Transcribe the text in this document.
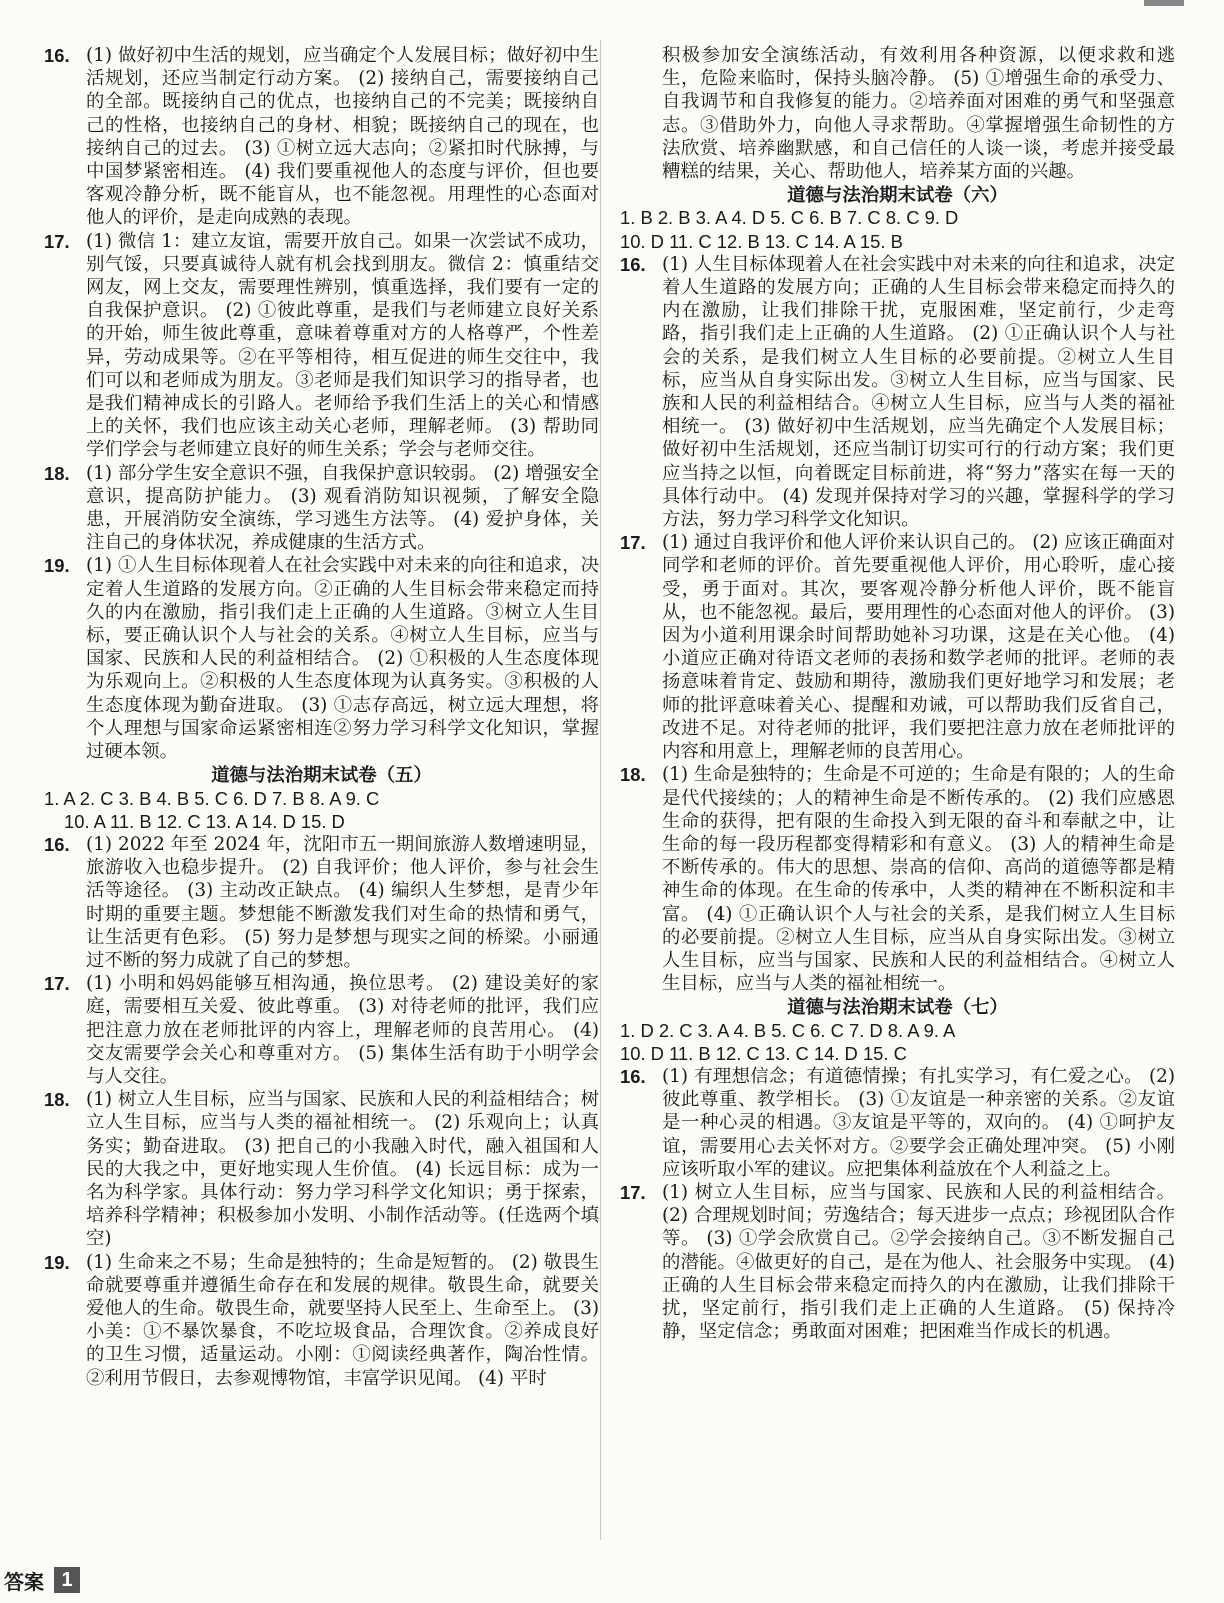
16. (1) 做好初中生活的规划，应当确定个人发展目标；做好初中生活规划，还应当制定行动方案。 (2) 接纳自己，需要接纳自己的全部。既接纳自己的优点，也接纳自己的不完美；既接纳自己的性格，也接纳自己的身材、相貌；既接纳自己的现在，也接纳自己的过去。 (3) ①树立远大志向；②紧扣时代脉搏，与中国梦紧密相连。 (4) 我们要重视他人的态度与评价，但也要客观冷静分析，既不能盲从，也不能忽视。用理性的心态面对他人的评价，是走向成熟的表现。
17. (1) 微信 1：建立友谊，需要开放自己。如果一次尝试不成功，别气馁，只要真诚待人就有机会找到朋友。微信 2：慎重结交网友，网上交友，需要理性辨别，慎重选择，我们要有一定的自我保护意识。 (2) ①彼此尊重，是我们与老师建立良好关系的开始，师生彼此尊重，意味着尊重对方的人格尊严，个性差异，劳动成果等。②在平等相待，相互促进的师生交往中，我们可以和老师成为朋友。③老师是我们知识学习的指导者，也是我们精神成长的引路人。老师给予我们生活上的关心和情感上的关怀，我们也应该主动关心老师，理解老师。 (3) 帮助同学们学会与老师建立良好的师生关系；学会与老师交往。
18. (1) 部分学生安全意识不强，自我保护意识较弱。 (2) 增强安全意识，提高防护能力。 (3) 观看消防知识视频，了解安全隐患，开展消防安全演练，学习逃生方法等。 (4) 爱护身体，关注自己的身体状况，养成健康的生活方式。
19. (1) ①人生目标体现着人在社会实践中对未来的向往和追求，决定着人生道路的发展方向。②正确的人生目标会带来稳定而持久的内在激励，指引我们走上正确的人生道路。③树立人生目标，要正确认识个人与社会的关系。④树立人生目标，应当与国家、民族和人民的利益相结合。 (2) ①积极的人生态度体现为乐观向上。②积极的人生态度体现为认真务实。③积极的人生态度体现为勤奋进取。 (3) ①志存高远，树立远大理想，将个人理想与国家命运紧密相连②努力学习科学文化知识，掌握过硬本领。
道德与法治期末试卷（五）
1. A 2. C 3. B 4. B 5. C 6. D 7. B 8. A 9. C
10. A 11. B 12. C 13. A 14. D 15. D
16. (1) 2022 年至 2024 年，沈阳市五一期间旅游人数增速明显，旅游收入也稳步提升。 (2) 自我评价；他人评价，参与社会生活等途径。 (3) 主动改正缺点。 (4) 编织人生梦想，是青少年时期的重要主题。梦想能不断激发我们对生命的热情和勇气，让生活更有色彩。 (5) 努力是梦想与现实之间的桥梁。小丽通过不断的努力成就了自己的梦想。
17. (1) 小明和妈妈能够互相沟通，换位思考。 (2) 建设美好的家庭，需要相互关爱、彼此尊重。 (3) 对待老师的批评，我们应把注意力放在老师批评的内容上，理解老师的良苦用心。 (4) 交友需要学会关心和尊重对方。 (5) 集体生活有助于小明学会与人交往。
18. (1) 树立人生目标，应当与国家、民族和人民的利益相结合；树立人生目标，应当与人类的福祉相统一。 (2) 乐观向上；认真务实；勤奋进取。 (3) 把自己的小我融入时代，融入祖国和人民的大我之中，更好地实现人生价值。 (4) 长远目标：成为一名为科学家。具体行动：努力学习科学文化知识；勇于探索，培养科学精神；积极参加小发明、小制作活动等。(任选两个填空)
19. (1) 生命来之不易；生命是独特的；生命是短暂的。 (2) 敬畏生命就要尊重并遵循生命存在和发展的规律。敬畏生命，就要关爱他人的生命。敬畏生命，就要坚持人民至上、生命至上。 (3) 小美：①不暴饮暴食，不吃垃圾食品，合理饮食。②养成良好的卫生习惯，适量运动。小刚：①阅读经典著作，陶冶性情。②利用节假日，去参观博物馆，丰富学识见闻。 (4) 平时
积极参加安全演练活动，有效利用各种资源，以便求救和逃生，危险来临时，保持头脑冷静。 (5) ①增强生命的承受力、自我调节和自我修复的能力。②培养面对困难的勇气和坚强意志。③借助外力，向他人寻求帮助。④掌握增强生命韧性的方法欣赏、培养幽默感，和自己信任的人谈一谈，考虑并接受最糟糕的结果，关心、帮助他人，培养某方面的兴趣。
道德与法治期末试卷（六）
1. B 2. B 3. A 4. D 5. C 6. B 7. C 8. C 9. D
10. D 11. C 12. B 13. C 14. A 15. B
16. (1) 人生目标体现着人在社会实践中对未来的向往和追求，决定着人生道路的发展方向；正确的人生目标会带来稳定而持久的内在激励，让我们排除干扰，克服困难，坚定前行，少走弯路，指引我们走上正确的人生道路。 (2) ①正确认识个人与社会的关系，是我们树立人生目标的必要前提。②树立人生目标，应当从自身实际出发。③树立人生目标，应当与国家、民族和人民的利益相结合。④树立人生目标，应当与人类的福祉相统一。 (3) 做好初中生活规划，应当先确定个人发展目标；做好初中生活规划，还应当制订切实可行的行动方案；我们更应当持之以恒，向着既定目标前进，将“努力”落实在每一天的具体行动中。 (4) 发现并保持对学习的兴趣，掌握科学的学习方法，努力学习科学文化知识。
17. (1) 通过自我评价和他人评价来认识自己的。 (2) 应该正确面对同学和老师的评价。首先要重视他人评价，用心聆听，虚心接受，勇于面对。其次，要客观冷静分析他人评价，既不能盲从，也不能忽视。最后，要用理性的心态面对他人的评价。 (3) 因为小道利用课余时间帮助她补习功课，这是在关心他。 (4) 小道应正确对待语文老师的表扬和数学老师的批评。老师的表扬意味着肯定、鼓励和期待，激励我们更好地学习和发展；老师的批评意味着关心、提醒和劝诫，可以帮助我们反省自己，改进不足。对待老师的批评，我们要把注意力放在老师批评的内容和用意上，理解老师的良苦用心。
18. (1) 生命是独特的；生命是不可逆的；生命是有限的；人的生命是代代接续的；人的精神生命是不断传承的。 (2) 我们应感恩生命的获得，把有限的生命投入到无限的奋斗和奉献之中，让生命的每一段历程都变得精彩和有意义。 (3) 人的精神生命是不断传承的。伟大的思想、崇高的信仰、高尚的道德等都是精神生命的体现。在生命的传承中，人类的精神在不断积淀和丰富。 (4) ①正确认识个人与社会的关系，是我们树立人生目标的必要前提。②树立人生目标，应当从自身实际出发。③树立人生目标，应当与国家、民族和人民的利益相结合。④树立人生目标，应当与人类的福祉相统一。
道德与法治期末试卷（七）
1. D 2. C 3. A 4. B 5. C 6. C 7. D 8. A 9. A
10. D 11. B 12. C 13. C 14. D 15. C
16. (1) 有理想信念；有道德情操；有扎实学习，有仁爱之心。 (2) 彼此尊重、教学相长。 (3) ①友谊是一种亲密的关系。②友谊是一种心灵的相遇。③友谊是平等的，双向的。 (4) ①呵护友谊，需要用心去关怀对方。②要学会正确处理冲突。 (5) 小刚应该听取小军的建议。应把集体利益放在个人利益之上。
17. (1) 树立人生目标，应当与国家、民族和人民的利益相结合。 (2) 合理规划时间；劳逸结合；每天进步一点点；珍视团队合作等。 (3) ①学会欣赏自己。②学会接纳自己。③不断发掘自己的潜能。④做更好的自己，是在为他人、社会服务中实现。 (4) 正确的人生目标会带来稳定而持久的内在激励，让我们排除干扰，坚定前行，指引我们走上正确的人生道路。 (5) 保持冷静，坚定信念；勇敢面对困难；把困难当作成长的机遇。
答案 1
